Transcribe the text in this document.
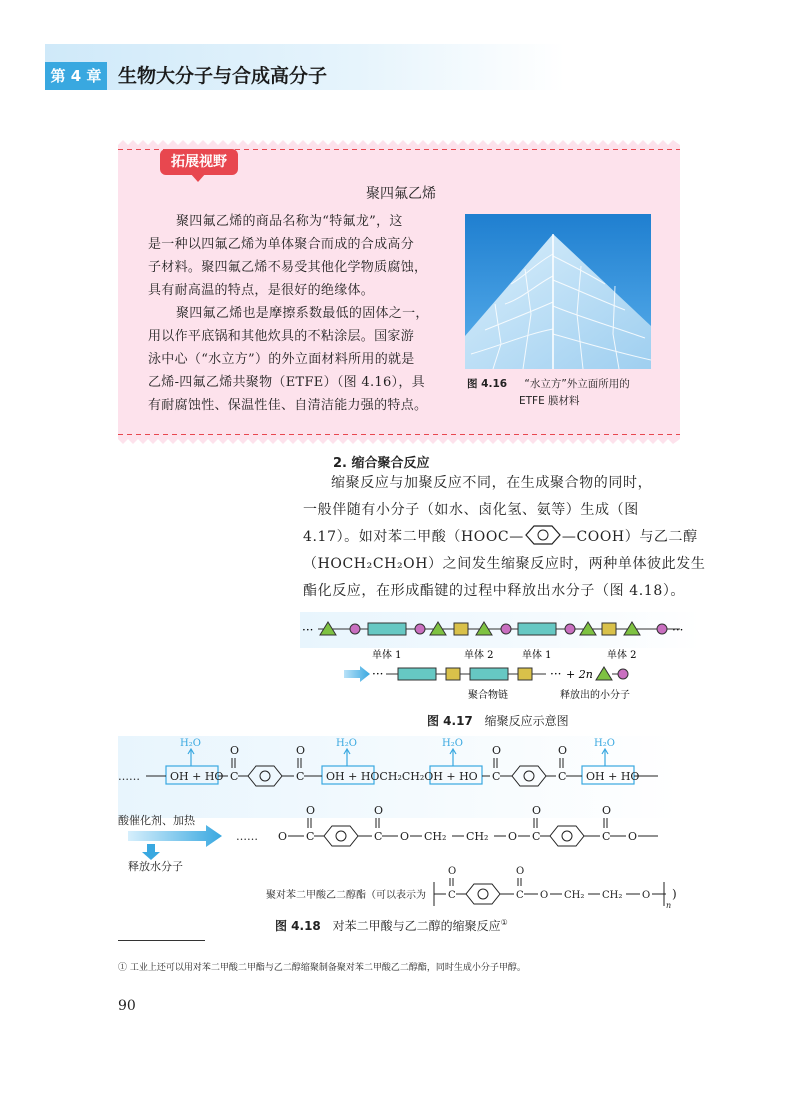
第 4 章 生物大分子与合成高分子
拓展视野
聚四氟乙烯
聚四氟乙烯的商品名称为“特氟龙”，这
是一种以四氟乙烯为单体聚合而成的合成高分
子材料。聚四氟乙烯不易受其他化学物质腐蚀，
具有耐高温的特点，是很好的绝缘体。
聚四氟乙烯也是摩擦系数最低的固体之一，
用以作平底锅和其他炊具的不粘涂层。国家游
泳中心（“水立方”）的外立面材料所用的就是
乙烯-四氟乙烯共聚物（ETFE）（图 4.16），具
有耐腐蚀性、保温性佳、自清洁能力强的特点。
图 4.16 “水立方”外立面所用的
ETFE 膜材料
2. 缩合聚合反应
缩聚反应与加聚反应不同，在生成聚合物的同时，
一般伴随有小分子（如水、卤化氢、氨等）生成（图
4.17）。如对苯二甲酸（HOOC—	—COOH）与乙二醇
（HOCH₂CH₂OH）之间发生缩聚反应时，两种单体彼此发生
酯化反应，在形成酯键的过程中释放出水分子（图 4.18）。
···	···
单体 1	单体 2	单体 1	单体 2
···	··· + 2n
聚合物链	释放出的小分子
图 4.17 缩聚反应示意图
H₂O	H₂O	H₂O	H₂O
……	OH + HO C	C OH + HOCH₂CH₂OH + HO C	C OH + HO
O	O	O	O
酸催化剂、加热
释放水分子
…… O C
O
C
O
O CH₂ CH₂ O C
O
C
O
O
聚对苯二甲酸乙二醇酯（可以表示为 C
O
C
O
O CH₂ CH₂ O
n
)
图 4.18 对苯二甲酸与乙二醇的缩聚反应①
① 工业上还可以用对苯二甲酸二甲酯与乙二醇缩聚制备聚对苯二甲酸乙二醇酯，同时生成小分子甲醇。
90
